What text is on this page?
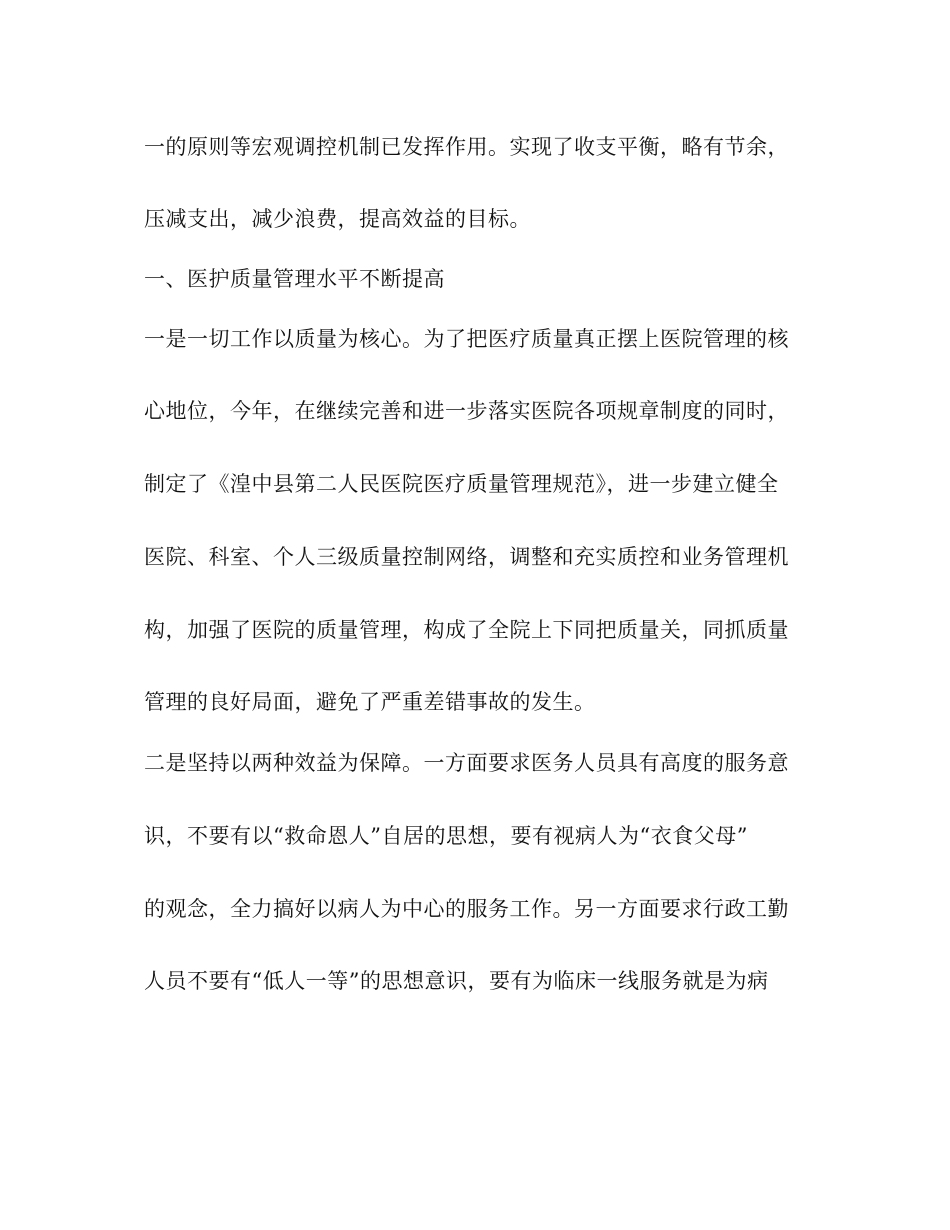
一的原则等宏观调控机制已发挥作用。实现了收支平衡，略有节余，
压减支出，减少浪费，提高效益的目标。
一、医护质量管理水平不断提高
一是一切工作以质量为核心。为了把医疗质量真正摆上医院管理的核
心地位，今年，在继续完善和进一步落实医院各项规章制度的同时，
制定了《湟中县第二人民医院医疗质量管理规范》，进一步建立健全
医院、科室、个人三级质量控制网络，调整和充实质控和业务管理机
构，加强了医院的质量管理，构成了全院上下同把质量关，同抓质量
管理的良好局面，避免了严重差错事故的发生。
二是坚持以两种效益为保障。一方面要求医务人员具有高度的服务意
识，不要有以“救命恩人”自居的思想，要有视病人为“衣食父母”
的观念，全力搞好以病人为中心的服务工作。另一方面要求行政工勤
人员不要有“低人一等”的思想意识，要有为临床一线服务就是为病
